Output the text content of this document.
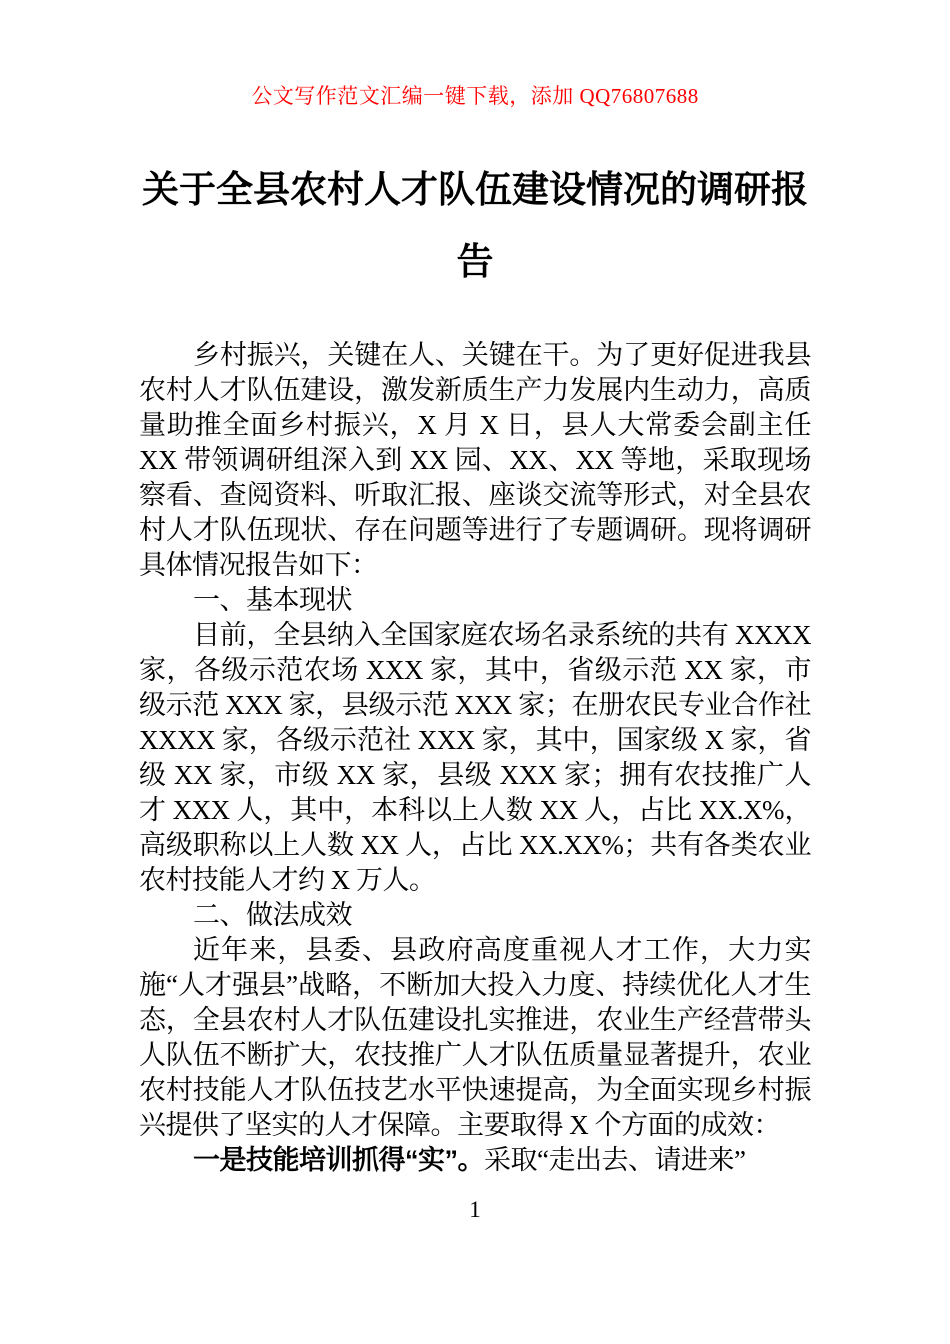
公文写作范文汇编一键下载，添加 QQ76807688
关于全县农村人才队伍建设情况的调研报告

乡村振兴，关键在人、关键在干。为了更好促进我县农村人才队伍建设，激发新质生产力发展内生动力，高质量助推全面乡村振兴，X 月 X 日，县人大常委会副主任 XX 带领调研组深入到 XX 园、XX、XX 等地，采取现场察看、查阅资料、听取汇报、座谈交流等形式，对全县农村人才队伍现状、存在问题等进行了专题调研。现将调研具体情况报告如下：

一、基本现状

目前，全县纳入全国家庭农场名录系统的共有 XXXX 家，各级示范农场 XXX 家，其中，省级示范 XX 家，市级示范 XXX 家，县级示范 XXX 家；在册农民专业合作社 XXXX 家，各级示范社 XXX 家，其中，国家级 X 家，省级 XX 家，市级 XX 家，县级 XXX 家；拥有农技推广人才 XXX 人，其中，本科以上人数 XX 人，占比 XX.X%，高级职称以上人数 XX 人，占比 XX.XX%；共有各类农业农村技能人才约 X 万人。

二、做法成效

近年来，县委、县政府高度重视人才工作，大力实施“人才强县”战略，不断加大投入力度、持续优化人才生态，全县农村人才队伍建设扎实推进，农业生产经营带头人队伍不断扩大，农技推广人才队伍质量显著提升，农业农村技能人才队伍技艺水平快速提高，为全面实现乡村振兴提供了坚实的人才保障。主要取得 X 个方面的成效：

一是技能培训抓得“实”。采取“走出去、请进来”

1
